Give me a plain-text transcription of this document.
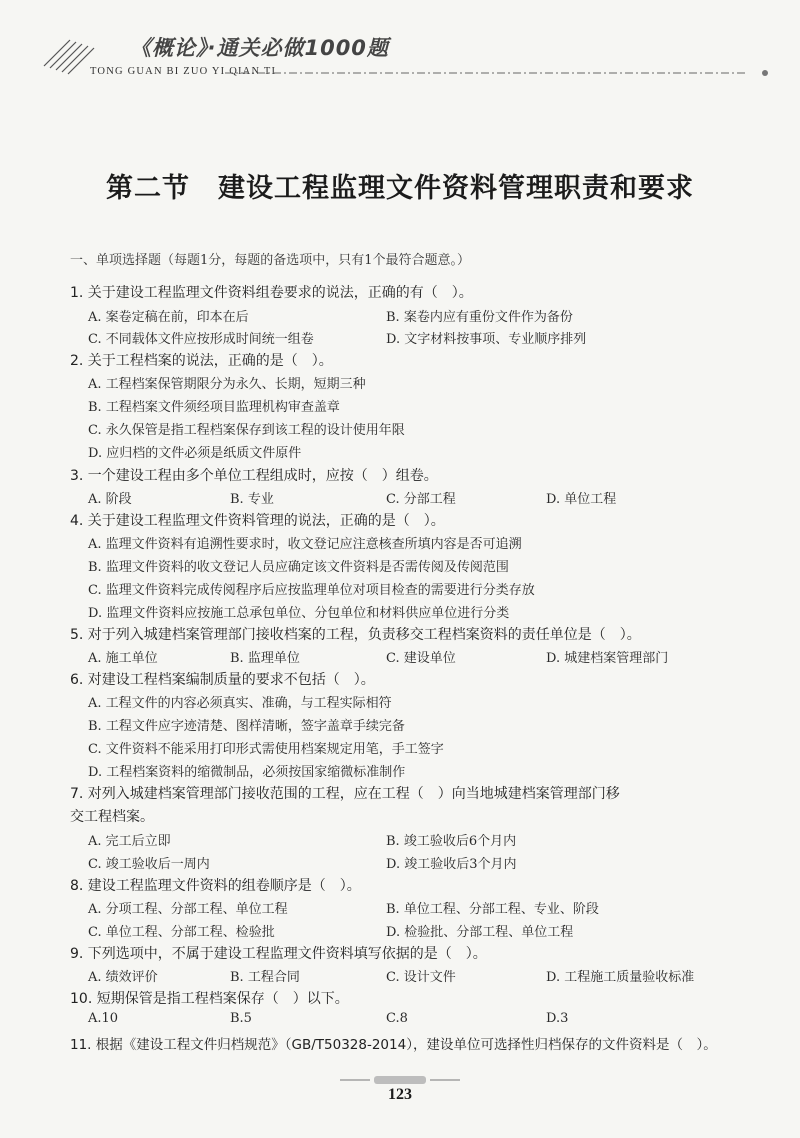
《概论》·通关必做1000题
TONG GUAN BI ZUO YI QIAN TI
第二节　建设工程监理文件资料管理职责和要求
一、单项选择题（每题1分，每题的备选项中，只有1个最符合题意。）
1. 关于建设工程监理文件资料组卷要求的说法，正确的有（　）。
A. 案卷定稿在前，印本在后	B. 案卷内应有重份文件作为备份
C. 不同载体文件应按形成时间统一组卷	D. 文字材料按事项、专业顺序排列
2. 关于工程档案的说法，正确的是（　）。
A. 工程档案保管期限分为永久、长期，短期三种
B. 工程档案文件须经项目监理机构审查盖章
C. 永久保管是指工程档案保存到该工程的设计使用年限
D. 应归档的文件必须是纸质文件原件
3. 一个建设工程由多个单位工程组成时，应按（　）组卷。
A. 阶段	B. 专业	C. 分部工程	D. 单位工程
4. 关于建设工程监理文件资料管理的说法，正确的是（　）。
A. 监理文件资料有追溯性要求时，收文登记应注意核查所填内容是否可追溯
B. 监理文件资料的收文登记人员应确定该文件资料是否需传阅及传阅范围
C. 监理文件资料完成传阅程序后应按监理单位对项目检查的需要进行分类存放
D. 监理文件资料应按施工总承包单位、分包单位和材料供应单位进行分类
5. 对于列入城建档案管理部门接收档案的工程，负责移交工程档案资料的责任单位是（　）。
A. 施工单位	B. 监理单位	C. 建设单位	D. 城建档案管理部门
6. 对建设工程档案编制质量的要求不包括（　）。
A. 工程文件的内容必须真实、准确，与工程实际相符
B. 工程文件应字迹清楚、图样清晰，签字盖章手续完备
C. 文件资料不能采用打印形式需使用档案规定用笔，手工签字
D. 工程档案资料的缩微制品，必须按国家缩微标准制作
7. 对列入城建档案管理部门接收范围的工程，应在工程（　）向当地城建档案管理部门移
交工程档案。
A. 完工后立即	B. 竣工验收后6个月内
C. 竣工验收后一周内	D. 竣工验收后3个月内
8. 建设工程监理文件资料的组卷顺序是（　）。
A. 分项工程、分部工程、单位工程	B. 单位工程、分部工程、专业、阶段
C. 单位工程、分部工程、检验批	D. 检验批、分部工程、单位工程
9. 下列选项中，不属于建设工程监理文件资料填写依据的是（　）。
A. 绩效评价	B. 工程合同	C. 设计文件	D. 工程施工质量验收标准
10. 短期保管是指工程档案保存（　）以下。
A.10	B.5	C.8	D.3
11. 根据《建设工程文件归档规范》（GB/T50328-2014），建设单位可选择性归档保存的文件资料是（　）。
123
